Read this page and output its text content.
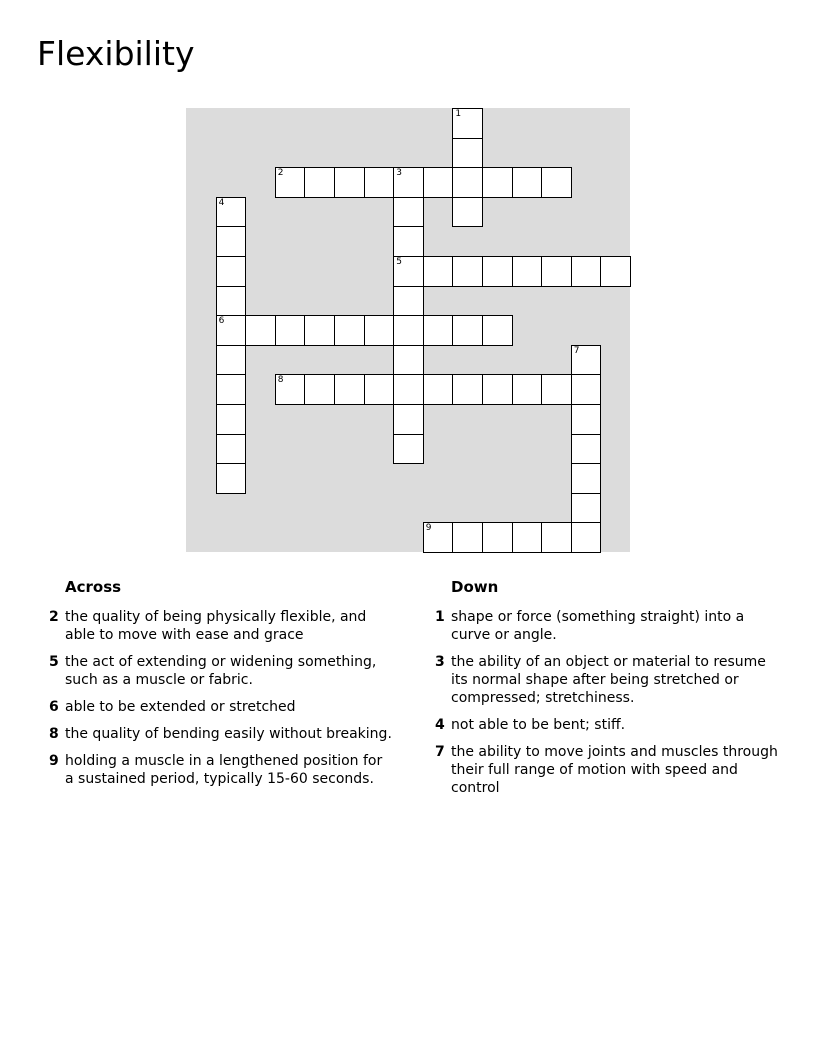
Flexibility
1
2	3
5
4
6
7
8
9
Across
2 the quality of being physically flexible, and able to move with ease and grace
5 the act of extending or widening something, such as a muscle or fabric.
6 able to be extended or stretched
8 the quality of bending easily without breaking.
9 holding a muscle in a lengthened position for a sustained period, typically 15-60 seconds.
Down
1 shape or force (something straight) into a curve or angle.
3 the ability of an object or material to resume its normal shape after being stretched or compressed; stretchiness.
4 not able to be bent; stiff.
7 the ability to move joints and muscles through their full range of motion with speed and control
